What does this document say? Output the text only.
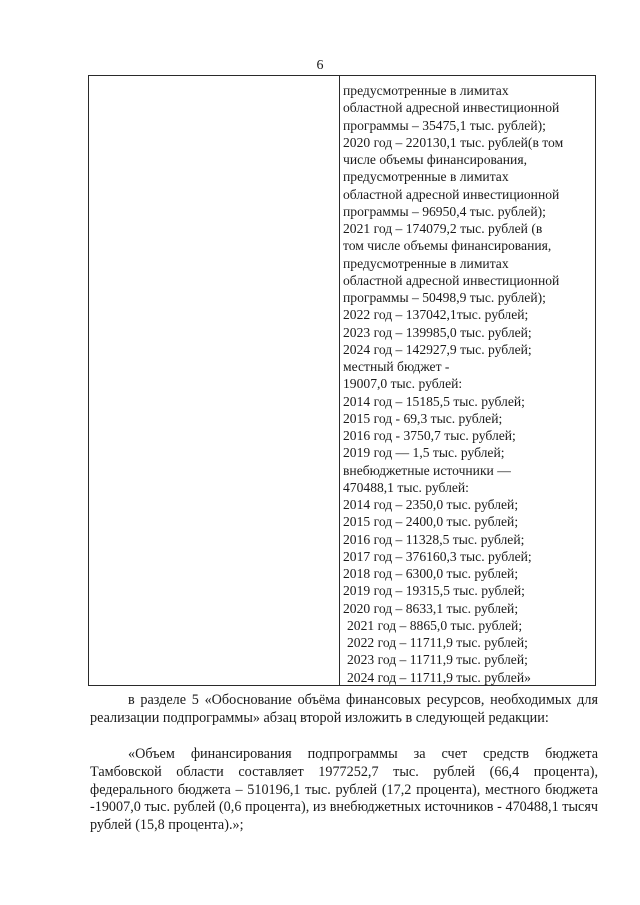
6
предусмотренные в лимитах
областной адресной инвестиционной
программы – 35475,1 тыс. рублей);
2020 год – 220130,1 тыс. рублей(в том
числе объемы финансирования,
предусмотренные в лимитах
областной адресной инвестиционной
программы – 96950,4 тыс. рублей);
2021 год – 174079,2 тыс. рублей (в
том числе объемы финансирования,
предусмотренные в лимитах
областной адресной инвестиционной
программы – 50498,9 тыс. рублей);
2022 год – 137042,1тыс. рублей;
2023 год – 139985,0 тыс. рублей;
2024 год – 142927,9 тыс. рублей;
местный бюджет -
19007,0 тыс. рублей:
2014 год – 15185,5 тыс. рублей;
2015 год - 69,3 тыс. рублей;
2016 год - 3750,7 тыс. рублей;
2019 год — 1,5 тыс. рублей;
внебюджетные источники —
470488,1 тыс. рублей:
2014 год – 2350,0 тыс. рублей;
2015 год – 2400,0 тыс. рублей;
2016 год – 11328,5 тыс. рублей;
2017 год – 376160,3 тыс. рублей;
2018 год – 6300,0 тыс. рублей;
2019 год – 19315,5 тыс. рублей;
2020 год – 8633,1 тыс. рублей;
2021 год – 8865,0 тыс. рублей;
2022 год – 11711,9 тыс. рублей;
2023 год – 11711,9 тыс. рублей;
2024 год – 11711,9 тыс. рублей»

в разделе 5 «Обоснование объёма финансовых ресурсов, необходимых для реализации подпрограммы» абзац второй изложить в следующей редакции:

«Объем финансирования подпрограммы за счет средств бюджета Тамбовской области составляет 1977252,7 тыс. рублей (66,4 процента), федерального бюджета – 510196,1 тыс. рублей (17,2 процента), местного бюджета -19007,0 тыс. рублей (0,6 процента), из внебюджетных источников - 470488,1 тысяч рублей (15,8 процента).»;
